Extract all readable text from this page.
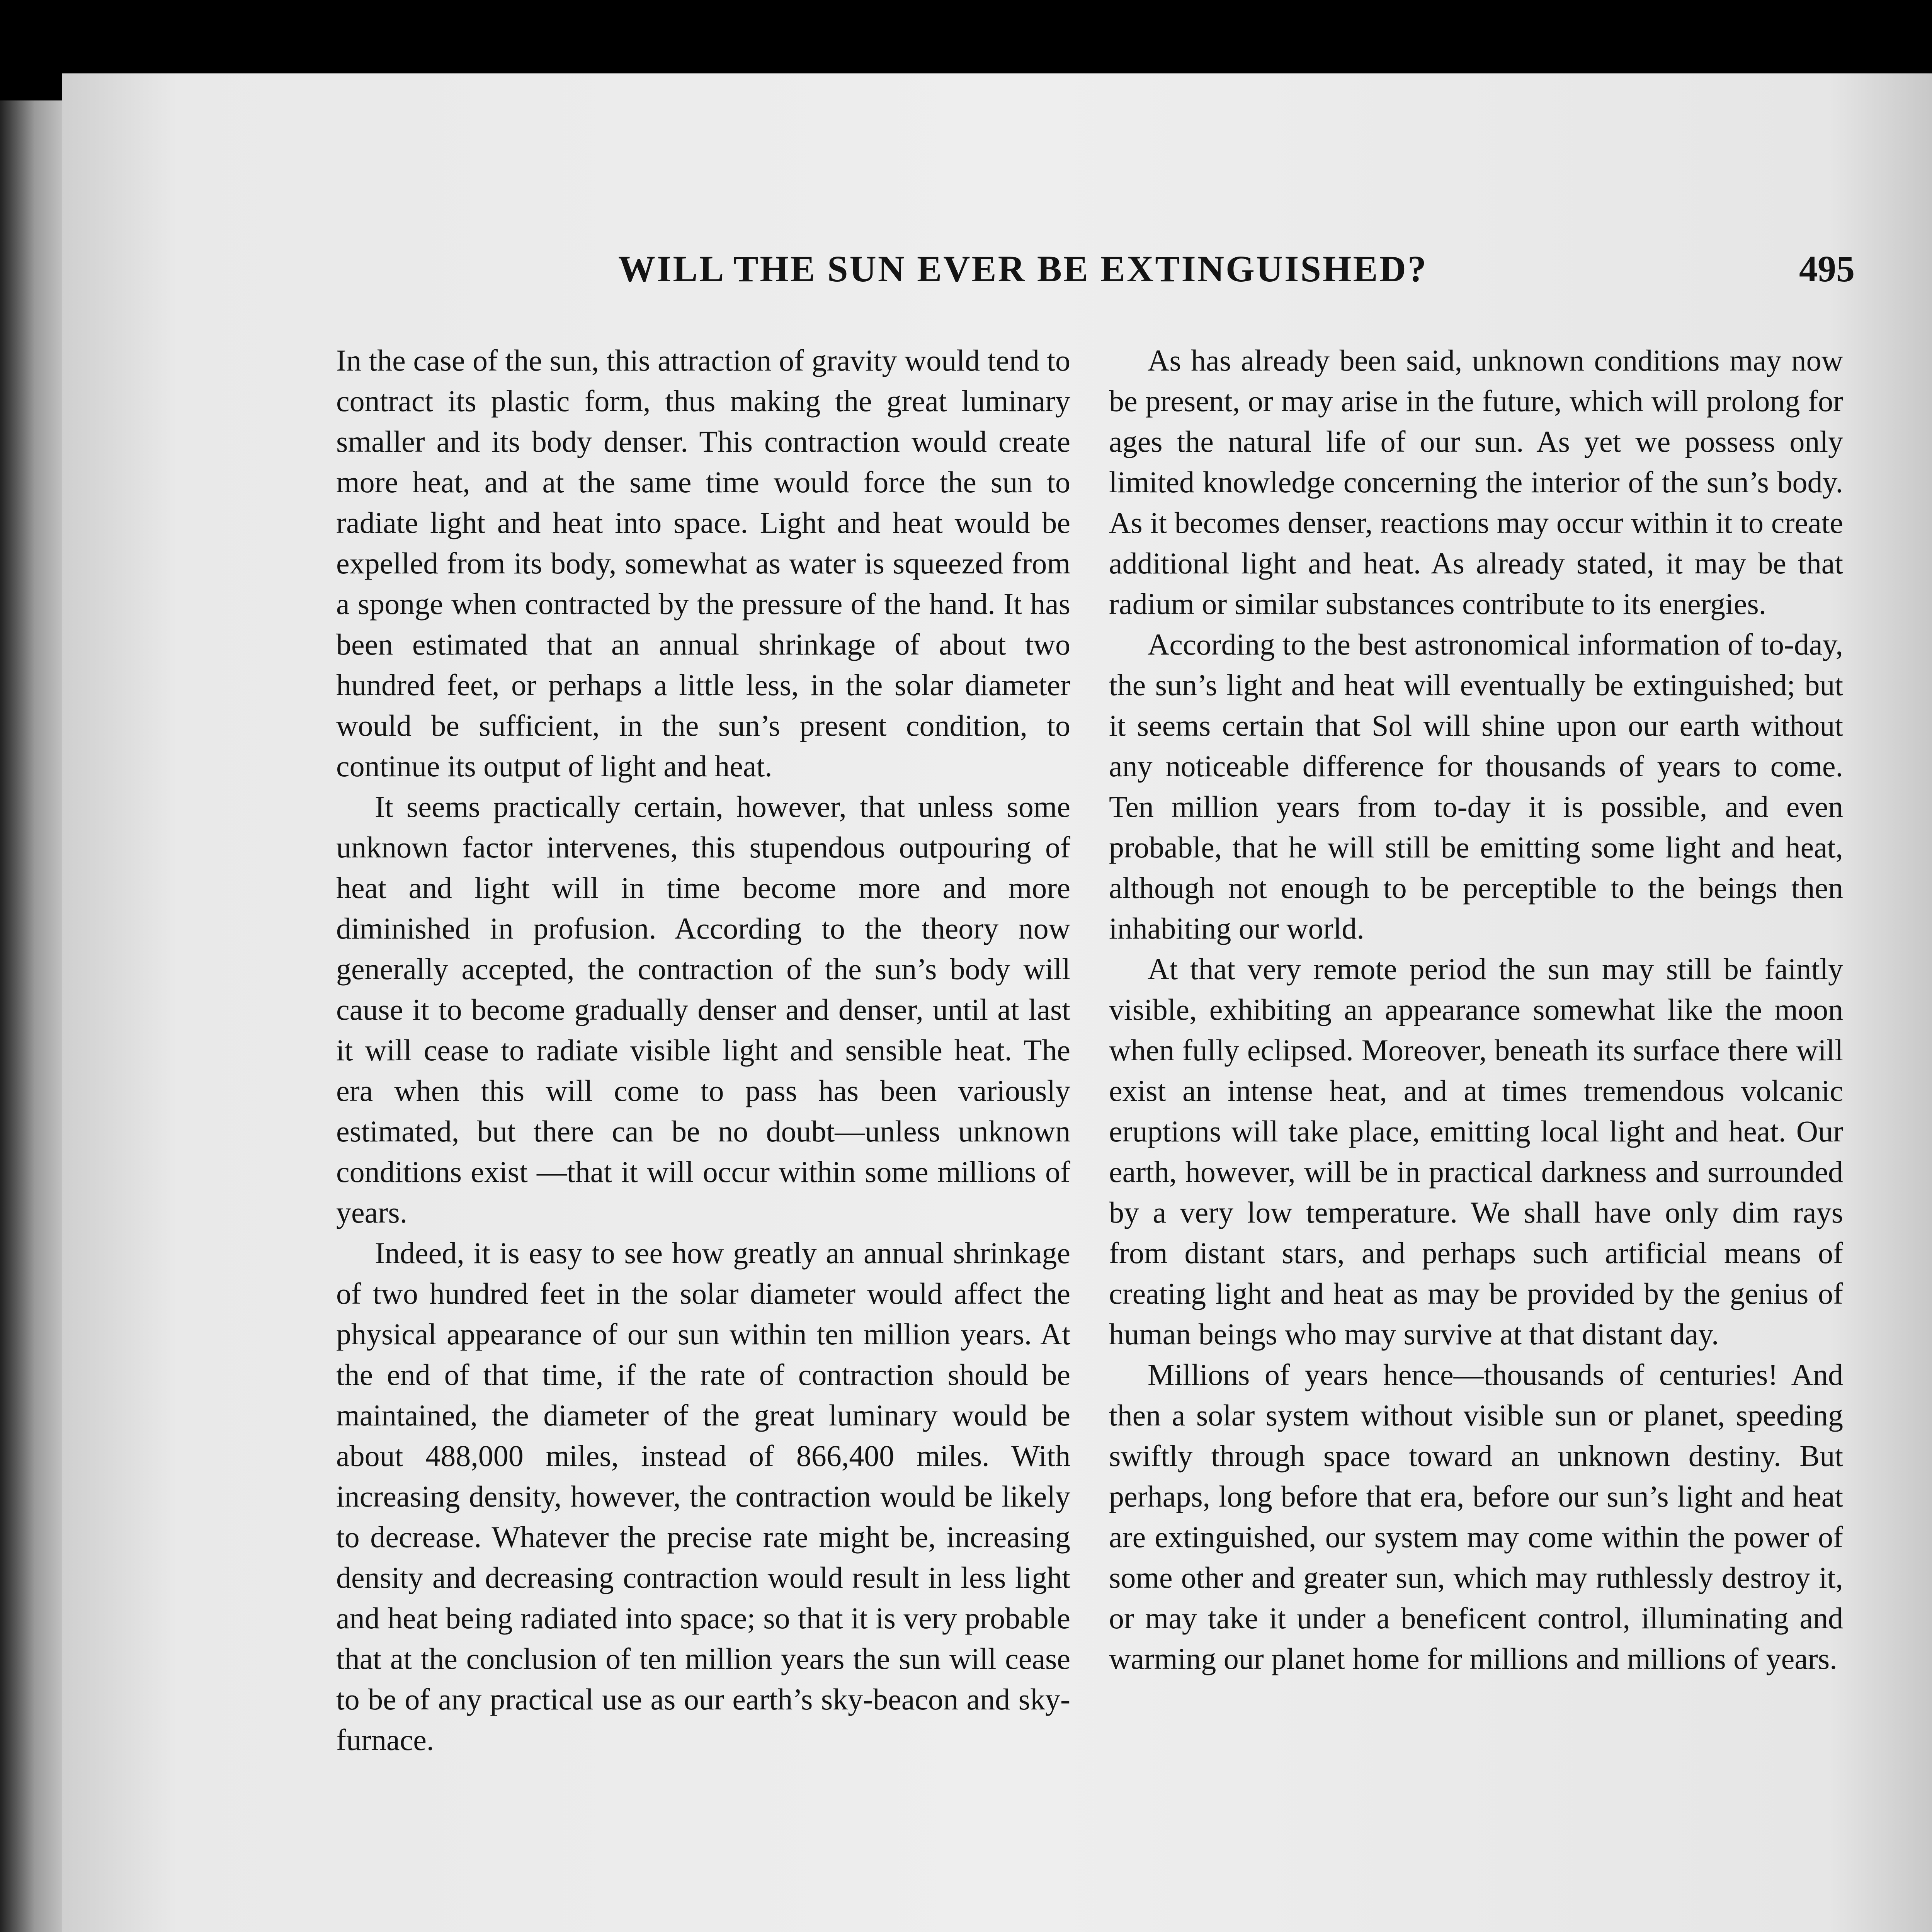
WILL THE SUN EVER BE EXTINGUISHED?	495

In the case of the sun, this attraction of gravity would tend to contract its plastic form, thus making the great luminary smaller and its body denser. This contraction would create more heat, and at the same time would force the sun to radiate light and heat into space. Light and heat would be expelled from its body, somewhat as water is squeezed from a sponge when contracted by the pressure of the hand. It has been estimated that an annual shrinkage of about two hundred feet, or perhaps a little less, in the solar diameter would be sufficient, in the sun’s present condition, to continue its output of light and heat.

It seems practically certain, however, that unless some unknown factor intervenes, this stupendous outpouring of heat and light will in time become more and more diminished in profusion. According to the theory now generally accepted, the contraction of the sun’s body will cause it to become gradually denser and denser, until at last it will cease to radiate visible light and sensible heat. The era when this will come to pass has been variously estimated, but there can be no doubt—unless unknown conditions exist —that it will occur within some millions of years.

Indeed, it is easy to see how greatly an annual shrinkage of two hundred feet in the solar diameter would affect the physical appearance of our sun within ten million years. At the end of that time, if the rate of contraction should be maintained, the diameter of the great luminary would be about 488,000 miles, instead of 866,400 miles. With increasing density, however, the contraction would be likely to decrease. Whatever the precise rate might be, increasing density and decreasing contraction would result in less light and heat being radiated into space; so that it is very probable that at the conclusion of ten million years the sun will cease to be of any practical use as our earth’s sky-beacon and sky-furnace.

As has already been said, unknown conditions may now be present, or may arise in the future, which will prolong for ages the natural life of our sun. As yet we possess only limited knowledge concerning the interior of the sun’s body. As it becomes denser, reactions may occur within it to create additional light and heat. As already stated, it may be that radium or similar substances contribute to its energies.

According to the best astronomical information of to-day, the sun’s light and heat will eventually be extinguished; but it seems certain that Sol will shine upon our earth without any noticeable difference for thousands of years to come. Ten million years from to-day it is possible, and even probable, that he will still be emitting some light and heat, although not enough to be perceptible to the beings then inhabiting our world.

At that very remote period the sun may still be faintly visible, exhibiting an appearance somewhat like the moon when fully eclipsed. Moreover, beneath its surface there will exist an intense heat, and at times tremendous volcanic eruptions will take place, emitting local light and heat. Our earth, however, will be in practical darkness and surrounded by a very low temperature. We shall have only dim rays from distant stars, and perhaps such artificial means of creating light and heat as may be provided by the genius of human beings who may survive at that distant day.

Millions of years hence—thousands of centuries! And then a solar system without visible sun or planet, speeding swiftly through space toward an unknown destiny. But perhaps, long before that era, before our sun’s light and heat are extinguished, our system may come within the power of some other and greater sun, which may ruthlessly destroy it, or may take it under a beneficent control, illuminating and warming our planet home for millions and millions of years.
